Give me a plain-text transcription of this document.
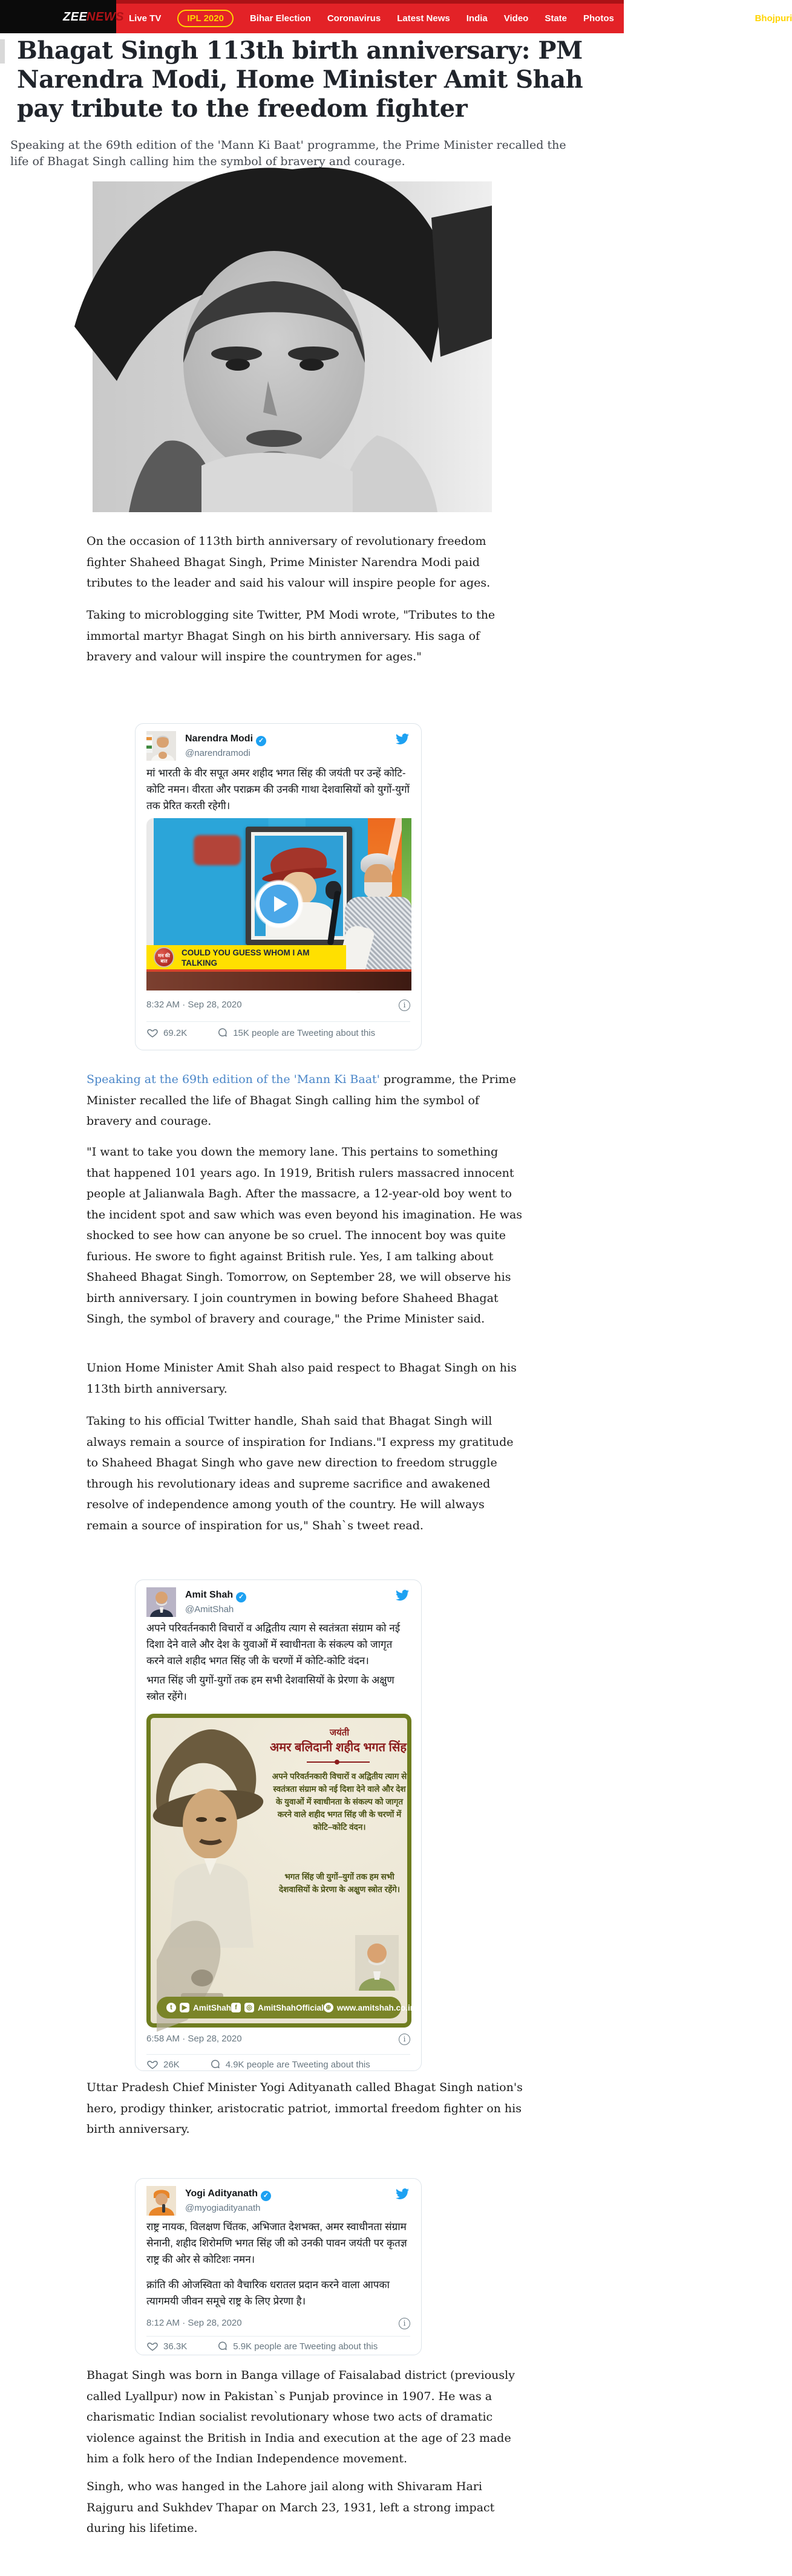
ZEE
NEWS Live TV	IPL 2020	Bihar Election Coronavirus Latest News India Video State Photos Cricket Entertainment Bhojpuri
Bhagat Singh 113th birth anniversary: PM Narendra Modi, Home Minister Amit Shah pay tribute to the freedom fighter

Speaking at the 69th edition of the 'Mann Ki Baat' programme, the Prime Minister recalled the life of Bhagat Singh calling him the symbol of bravery and courage.

On the occasion of 113th birth anniversary of revolutionary freedom fighter Shaheed Bhagat Singh, Prime Minister Narendra Modi paid tributes to the leader and said his valour will inspire people for ages.

Taking to microblogging site Twitter, PM Modi wrote, "Tributes to the immortal martyr Bhagat Singh on his birth anniversary. His saga of bravery and valour will inspire the countrymen for ages."

Narendra Modi ✓
@narendramodi
मां भारती के वीर सपूत अमर शहीद भगत सिंह की जयंती पर उन्हें कोटि-कोटि नमन। वीरता और पराक्रम की उनकी गाथा देशवासियों को युगों-युगों तक प्रेरित करती रहेगी।
मन की बात
COULD YOU GUESS WHOM I AM TALKING
8:32 AM · Sep 28, 2020	i
69.2K	15K people are Tweeting about this

Speaking at the 69th edition of the 'Mann Ki Baat' programme, the Prime Minister recalled the life of Bhagat Singh calling him the symbol of bravery and courage.

"I want to take you down the memory lane. This pertains to something that happened 101 years ago. In 1919, British rulers massacred innocent people at Jalianwala Bagh. After the massacre, a 12-year-old boy went to the incident spot and saw which was even beyond his imagination. He was shocked to see how can anyone be so cruel. The innocent boy was quite furious. He swore to fight against British rule. Yes, I am talking about Shaheed Bhagat Singh. Tomorrow, on September 28, we will observe his birth anniversary. I join countrymen in bowing before Shaheed Bhagat Singh, the symbol of bravery and courage," the Prime Minister said.

Union Home Minister Amit Shah also paid respect to Bhagat Singh on his 113th birth anniversary.

Taking to his official Twitter handle, Shah said that Bhagat Singh will always remain a source of inspiration for Indians."I express my gratitude to Shaheed Bhagat Singh who gave new direction to freedom struggle through his revolutionary ideas and supreme sacrifice and awakened resolve of independence among youth of the country. He will always remain a source of inspiration for us," Shah`s tweet read.

Amit Shah ✓
@AmitShah
अपने परिवर्तनकारी विचारों व अद्वितीय त्याग से स्वतंत्रता संग्राम को नई दिशा देने वाले और देश के युवाओं में स्वाधीनता के संकल्प को जागृत करने वाले शहीद भगत सिंह जी के चरणों में कोटि-कोटि वंदन।
भगत सिंह जी युगों-युगों तक हम सभी देशवासियों के प्रेरणा के अक्षुण स्त्रोत रहेंगे।
जयंती
अमर बलिदानी शहीद भगत सिंह
अपने परिवर्तनकारी विचारों व अद्वितीय त्याग से स्वतंत्रता संग्राम को नई दिशा देने वाले और देश के युवाओं में स्वाधीनता के संकल्प को जागृत करने वाले शहीद भगत सिंह जी के चरणों में कोटि–कोटि वंदन।
भगत सिंह जी युगों–युगों तक हम सभी देशवासियों के प्रेरणा के अक्षुण स्त्रोत रहेंगे।
t	▶ AmitShah f	◎ AmitShahOfficial ⊕ www.amitshah.co.in
6:58 AM · Sep 28, 2020	i
26K	4.9K people are Tweeting about this

Uttar Pradesh Chief Minister Yogi Adityanath called Bhagat Singh nation's hero, prodigy thinker, aristocratic patriot, immortal freedom fighter on his birth anniversary.

Yogi Adityanath ✓
@myogiadityanath
राष्ट्र नायक, विलक्षण चिंतक, अभिजात देशभक्त, अमर स्वाधीनता संग्राम सेनानी, शहीद शिरोमणि भगत सिंह जी को उनकी पावन जयंती पर कृतज्ञ राष्ट्र की ओर से कोटिशः नमन।
क्रांति की ओजस्विता को वैचारिक धरातल प्रदान करने वाला आपका त्यागमयी जीवन समूचे राष्ट्र के लिए प्रेरणा है।
8:12 AM · Sep 28, 2020	i
36.3K	5.9K people are Tweeting about this

Bhagat Singh was born in Banga village of Faisalabad district (previously called Lyallpur) now in Pakistan`s Punjab province in 1907. He was a charismatic Indian socialist revolutionary whose two acts of dramatic violence against the British in India and execution at the age of 23 made him a folk hero of the Indian Independence movement.

Singh, who was hanged in the Lahore jail along with Shivaram Hari Rajguru and Sukhdev Thapar on March 23, 1931, left a strong impact during his lifetime.
